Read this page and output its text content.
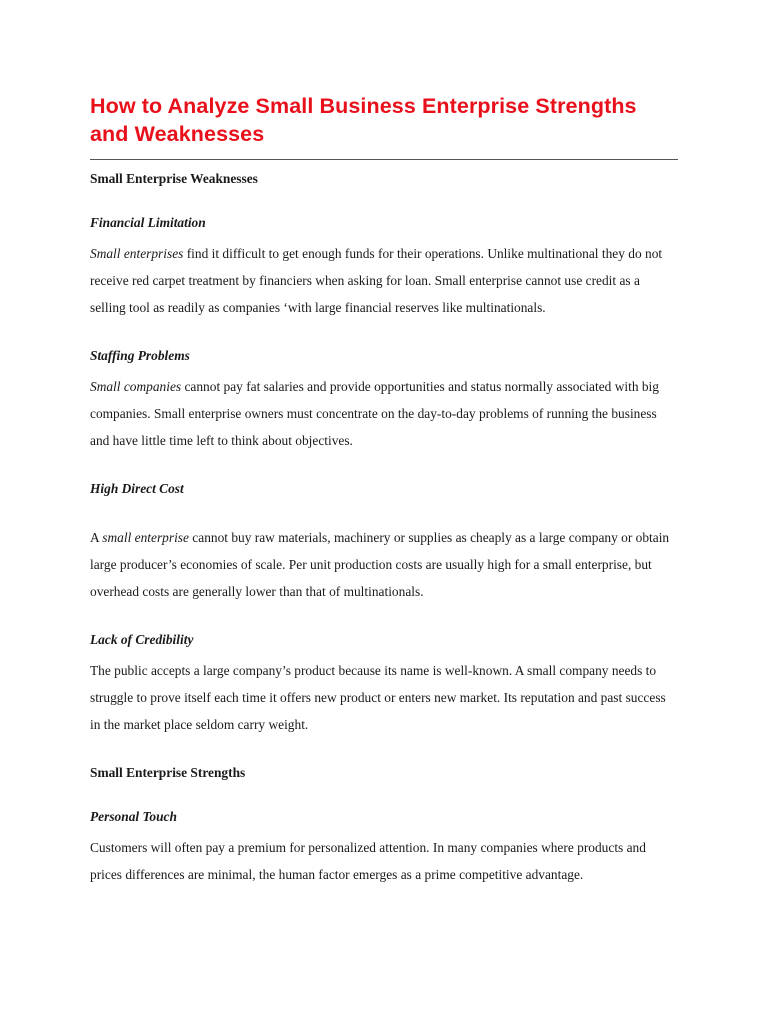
How to Analyze Small Business Enterprise Strengths and Weaknesses
Small Enterprise Weaknesses
Financial Limitation

Small enterprises find it difficult to get enough funds for their operations. Unlike multinational they do not receive red carpet treatment by financiers when asking for loan. Small enterprise cannot use credit as a selling tool as readily as companies ‘with large financial reserves like multinationals.

Staffing Problems

Small companies cannot pay fat salaries and provide opportunities and status normally associated with big companies. Small enterprise owners must concentrate on the day-to-day problems of running the business and have little time left to think about objectives.

High Direct Cost

A small enterprise cannot buy raw materials, machinery or supplies as cheaply as a large company or obtain large producer’s economies of scale. Per unit production costs are usually high for a small enterprise, but overhead costs are generally lower than that of multinationals.

Lack of Credibility

The public accepts a large company’s product because its name is well-known. A small company needs to struggle to prove itself each time it offers new product or enters new market. Its reputation and past success in the market place seldom carry weight.

Small Enterprise Strengths
Personal Touch

Customers will often pay a premium for personalized attention. In many companies where products and prices differences are minimal, the human factor emerges as a prime competitive advantage.
